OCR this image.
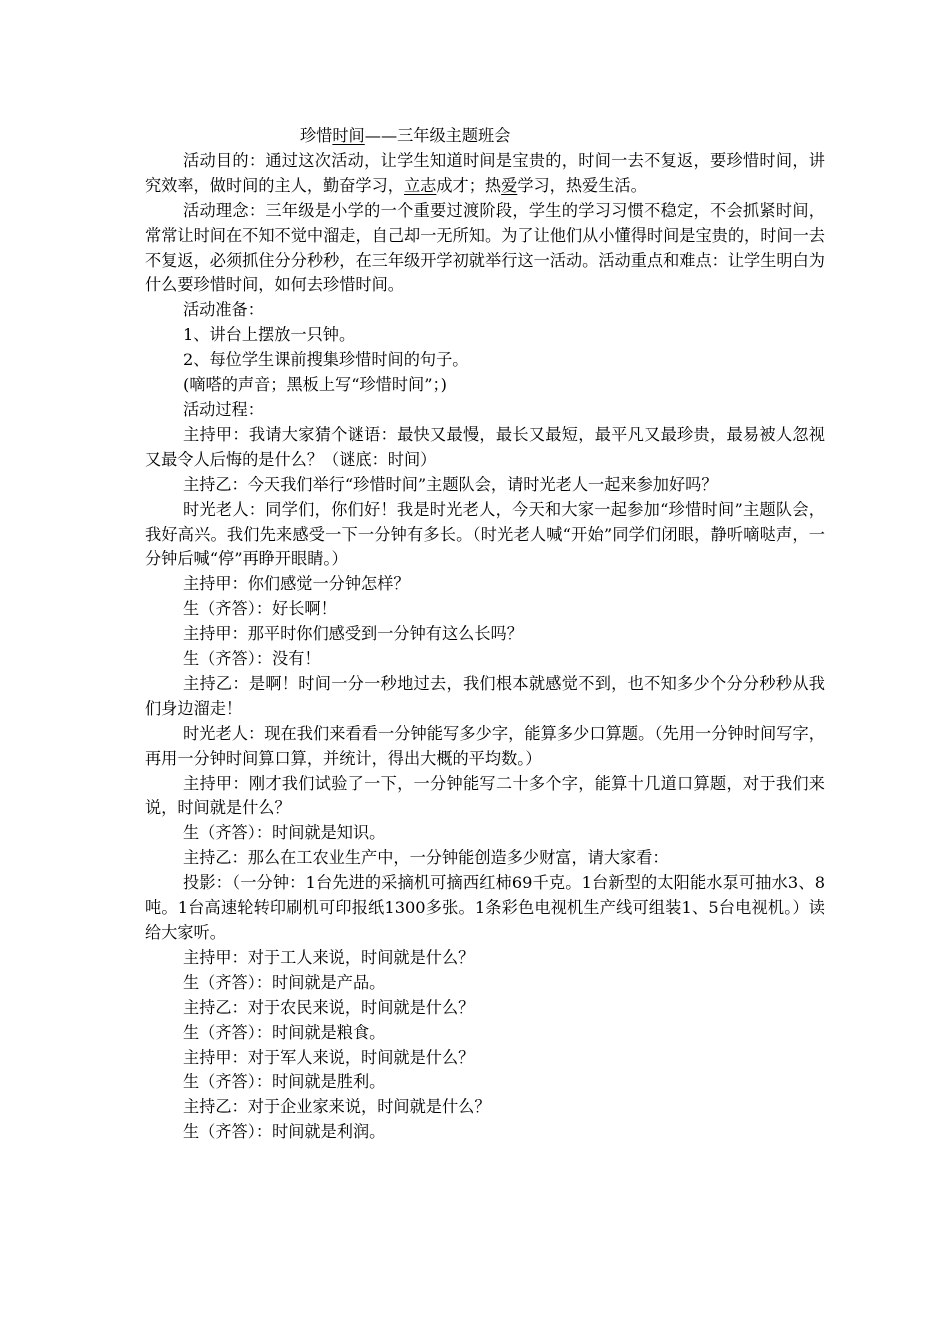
珍惜时间——三年级主题班会

活动目的：通过这次活动，让学生知道时间是宝贵的，时间一去不复返，要珍惜时间，讲究效率，做时间的主人，勤奋学习，立志成才；热爱学习，热爱生活。

活动理念：三年级是小学的一个重要过渡阶段，学生的学习习惯不稳定，不会抓紧时间，常常让时间在不知不觉中溜走，自己却一无所知。为了让他们从小懂得时间是宝贵的，时间一去不复返，必须抓住分分秒秒，在三年级开学初就举行这一活动。活动重点和难点：让学生明白为什么要珍惜时间，如何去珍惜时间。

活动准备：

1、讲台上摆放一只钟。

2、每位学生课前搜集珍惜时间的句子。

(嘀嗒的声音；黑板上写“珍惜时间”；)

活动过程：

主持甲：我请大家猜个谜语：最快又最慢，最长又最短，最平凡又最珍贵，最易被人忽视又最令人后悔的是什么？（谜底：时间）

主持乙：今天我们举行“珍惜时间”主题队会，请时光老人一起来参加好吗？

时光老人：同学们，你们好！我是时光老人，今天和大家一起参加“珍惜时间”主题队会，我好高兴。我们先来感受一下一分钟有多长。（时光老人喊“开始”同学们闭眼，静听嘀哒声，一分钟后喊“停”再睁开眼睛。）

主持甲：你们感觉一分钟怎样？

生（齐答）：好长啊！

主持甲：那平时你们感受到一分钟有这么长吗？

生（齐答）：没有！

主持乙：是啊！时间一分一秒地过去，我们根本就感觉不到，也不知多少个分分秒秒从我们身边溜走！

时光老人：现在我们来看看一分钟能写多少字，能算多少口算题。（先用一分钟时间写字，再用一分钟时间算口算，并统计，得出大概的平均数。）

主持甲：刚才我们试验了一下，一分钟能写二十多个字，能算十几道口算题，对于我们来说，时间就是什么？

生（齐答）：时间就是知识。

主持乙：那么在工农业生产中，一分钟能创造多少财富，请大家看：

投影：（一分钟：1台先进的采摘机可摘西红柿69千克。1台新型的太阳能水泵可抽水3、8吨。1台高速轮转印刷机可印报纸1300多张。1条彩色电视机生产线可组装1、5台电视机。）读给大家听。

主持甲：对于工人来说，时间就是什么？

生（齐答）：时间就是产品。

主持乙：对于农民来说，时间就是什么？

生（齐答）：时间就是粮食。

主持甲：对于军人来说，时间就是什么？

生（齐答）：时间就是胜利。

主持乙：对于企业家来说，时间就是什么？

生（齐答）：时间就是利润。
